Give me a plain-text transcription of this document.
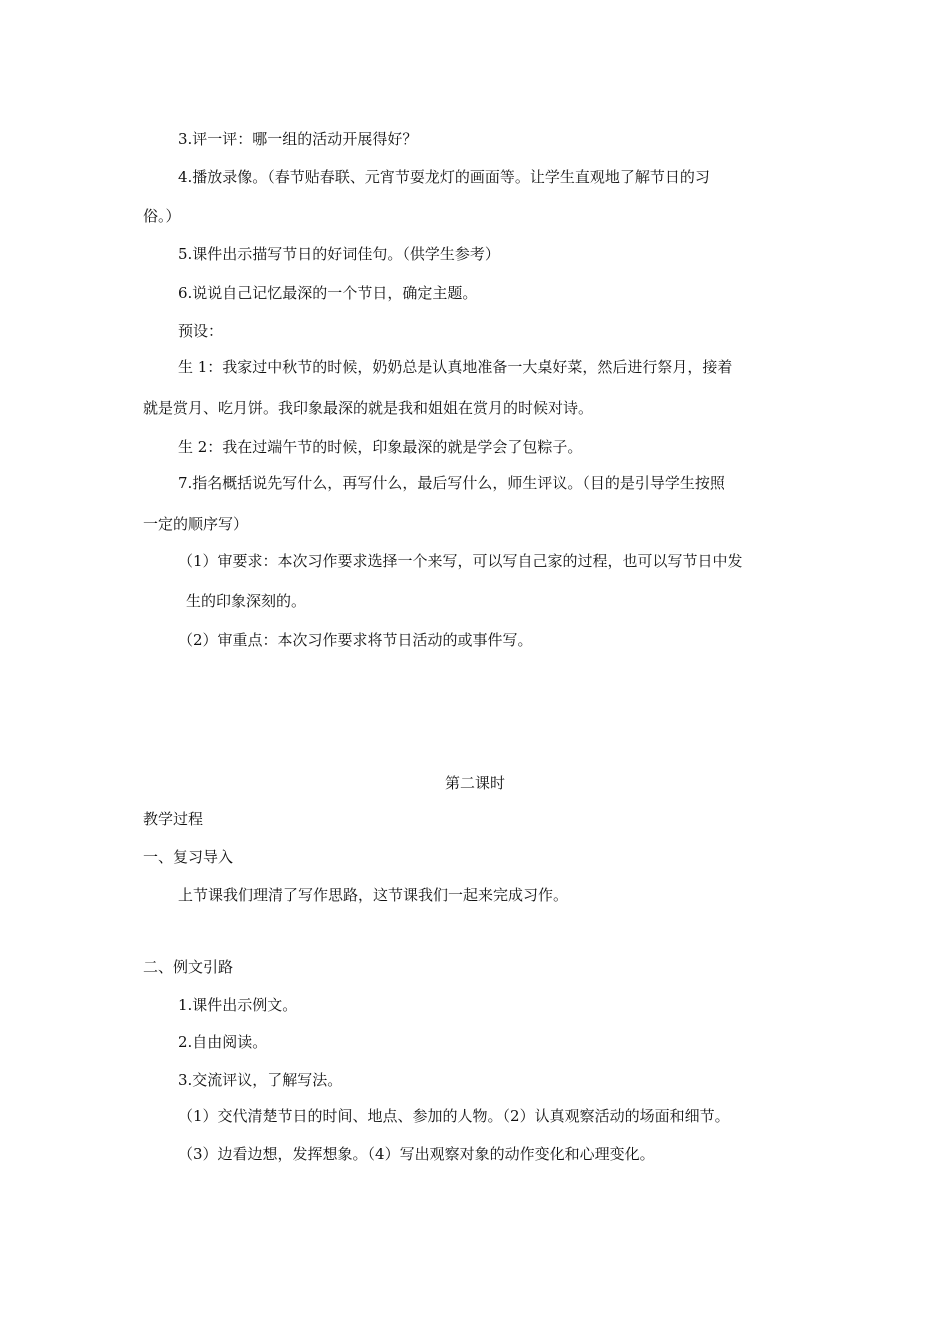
3.评一评：哪一组的活动开展得好？

4.播放录像。（春节贴春联、元宵节耍龙灯的画面等。让学生直观地了解节日的习

俗。）

5.课件出示描写节日的好词佳句。（供学生参考）

6.说说自己记忆最深的一个节日，确定主题。

预设：

生 1：我家过中秋节的时候，奶奶总是认真地准备一大桌好菜，然后进行祭月，接着

就是赏月、吃月饼。我印象最深的就是我和姐姐在赏月的时候对诗。

生 2：我在过端午节的时候，印象最深的就是学会了包粽子。

7.指名概括说先写什么，再写什么，最后写什么，师生评议。（目的是引导学生按照

一定的顺序写）

（1）审要求：本次习作要求选择一个来写，可以写自己家的过程，也可以写节日中发

生的印象深刻的。

（2）审重点：本次习作要求将节日活动的或事件写。

第二课时

教学过程

一、复习导入

上节课我们理清了写作思路，这节课我们一起来完成习作。

二、例文引路

1.课件出示例文。

2.自由阅读。

3.交流评议，了解写法。

（1）交代清楚节日的时间、地点、参加的人物。（2）认真观察活动的场面和细节。

（3）边看边想，发挥想象。（4）写出观察对象的动作变化和心理变化。
